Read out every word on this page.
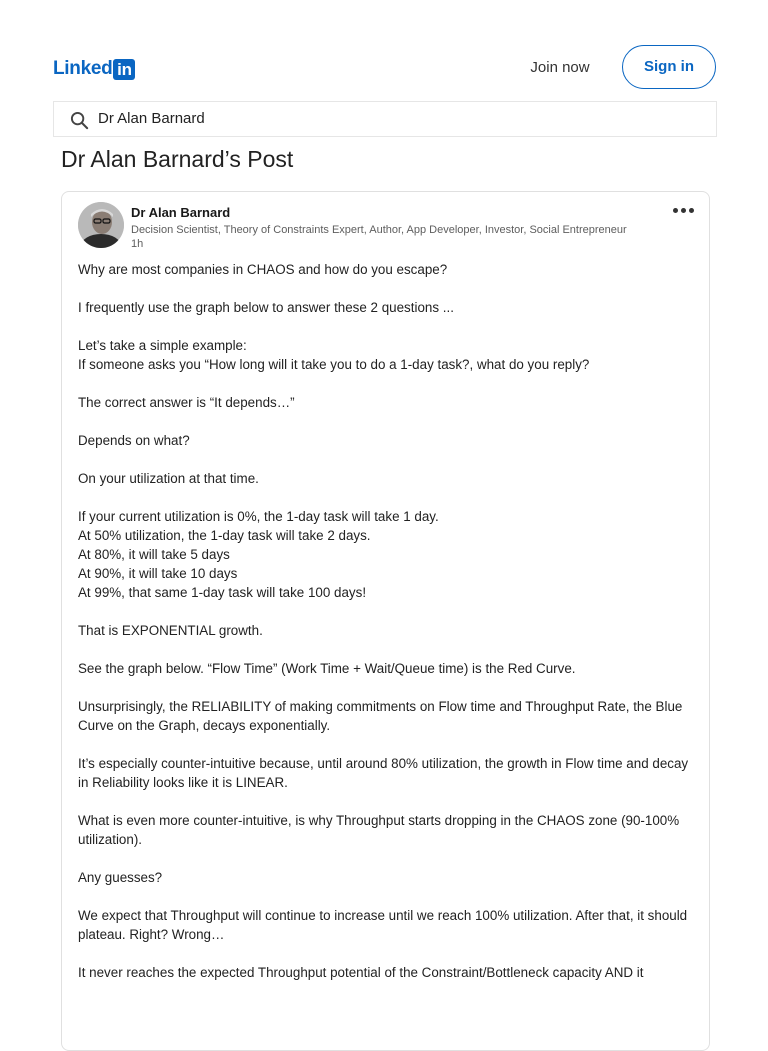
Linked in	Join now	Sign in
Dr Alan Barnard
Dr Alan Barnard’s Post
Dr Alan Barnard
Decision Scientist, Theory of Constraints Expert, Author, App Developer, Investor, Social Entrepreneur
1h

Why are most companies in CHAOS and how do you escape?

I frequently use the graph below to answer these 2 questions ...

Let’s take a simple example:
If someone asks you “How long will it take you to do a 1-day task?, what do you reply?

The correct answer is “It depends…”

Depends on what?

On your utilization at that time.

If your current utilization is 0%, the 1-day task will take 1 day.
At 50% utilization, the 1-day task will take 2 days.
At 80%, it will take 5 days
At 90%, it will take 10 days
At 99%, that same 1-day task will take 100 days!

That is EXPONENTIAL growth.

See the graph below. “Flow Time” (Work Time + Wait/Queue time) is the Red Curve.

Unsurprisingly, the RELIABILITY of making commitments on Flow time and Throughput Rate, the Blue Curve on the Graph, decays exponentially.

It’s especially counter-intuitive because, until around 80% utilization, the growth in Flow time and decay in Reliability looks like it is LINEAR.

What is even more counter-intuitive, is why Throughput starts dropping in the CHAOS zone (90-100% utilization).

Any guesses?

We expect that Throughput will continue to increase until we reach 100% utilization. After that, it should plateau. Right? Wrong…

It never reaches the expected Throughput potential of the Constraint/Bottleneck capacity AND it
